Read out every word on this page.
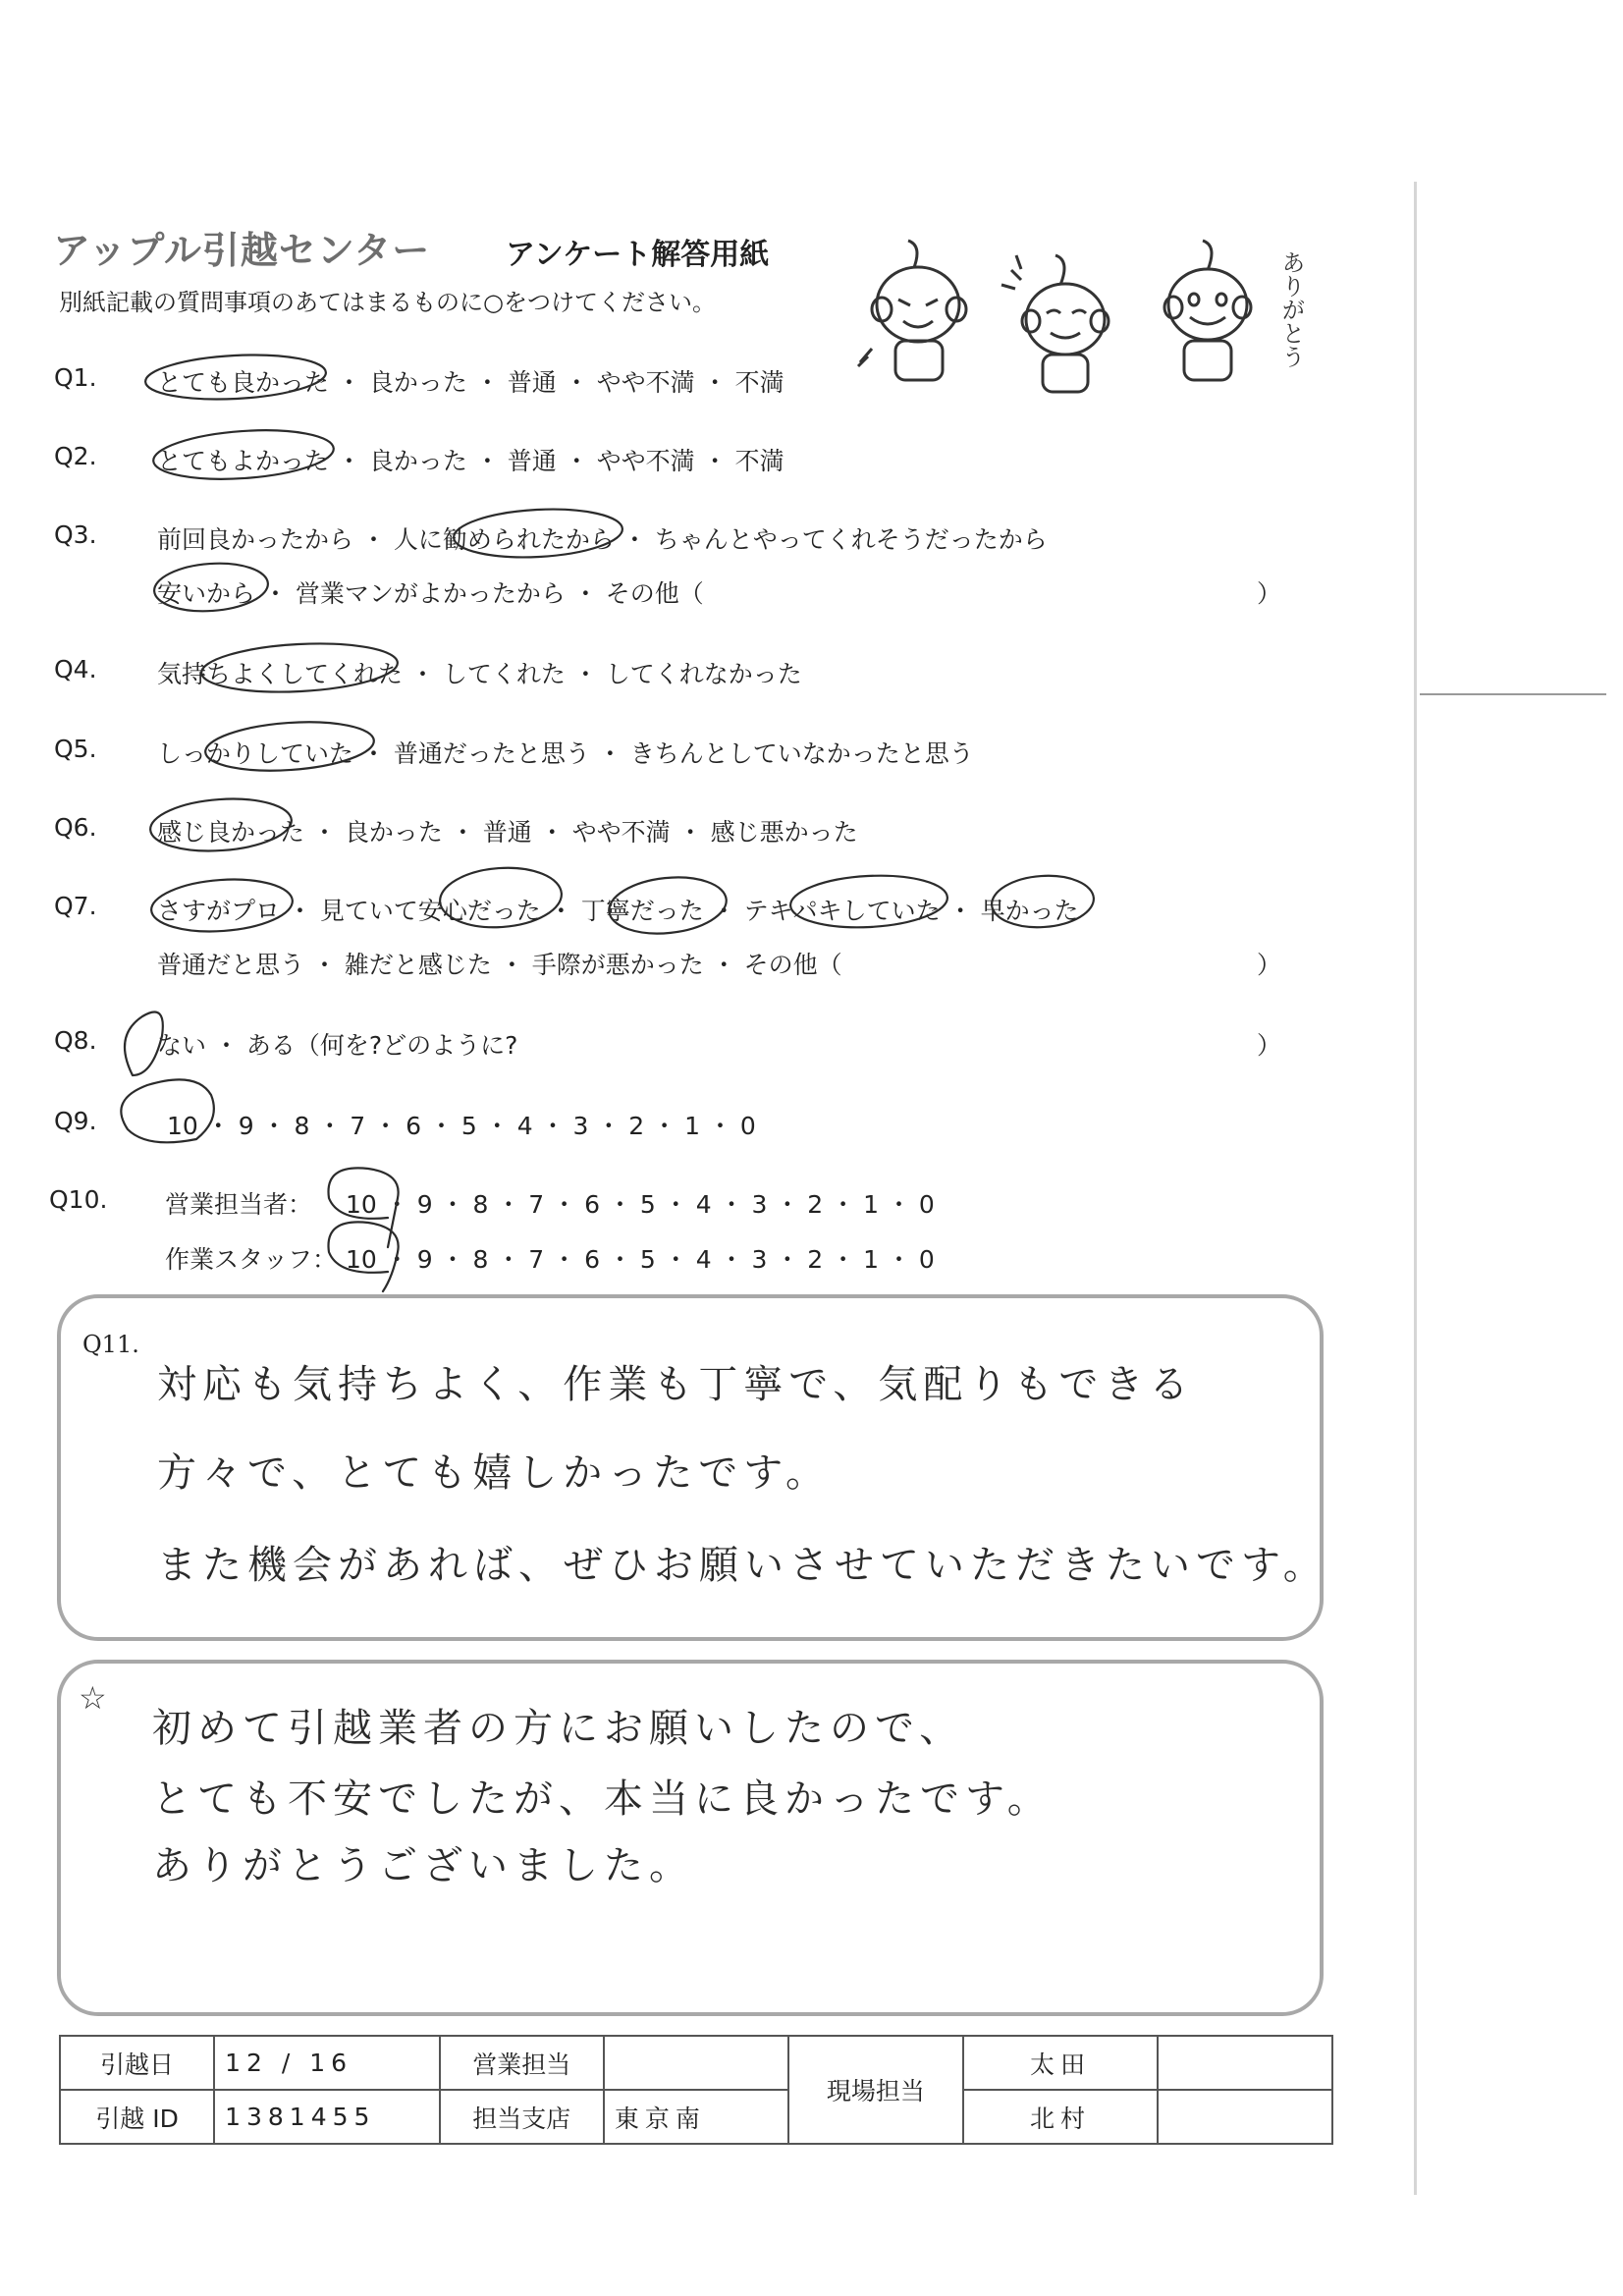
アップル引越センター	アンケート解答用紙
別紙記載の質問事項のあてはまるものに○をつけてください。	ありがとう
Q1. とても良かった ・ 良かった ・ 普通 ・ やや不満 ・ 不満
Q2. とてもよかった ・ 良かった ・ 普通 ・ やや不満 ・ 不満
Q3. 前回良かったから ・ 人に勧められたから ・ ちゃんとやってくれそうだったから
安いから ・ 営業マンがよかったから ・ その他（	）
Q4. 気持ちよくしてくれた ・ してくれた ・ してくれなかった
Q5. しっかりしていた ・ 普通だったと思う ・ きちんとしていなかったと思う
Q6. 感じ良かった ・ 良かった ・ 普通 ・ やや不満 ・ 感じ悪かった
Q7. さすがプロ ・ 見ていて安心だった ・ 丁寧だった ・ テキパキしていた ・ 早かった
普通だと思う ・ 雑だと感じた ・ 手際が悪かった ・ その他（	）
Q8. ない ・ ある（何を?どのように?	）
Q9.	10 ・ 9 ・ 8 ・ 7 ・ 6 ・ 5 ・ 4 ・ 3 ・ 2 ・ 1 ・ 0
Q10. 営業担当者： 10 ・ 9 ・ 8 ・ 7 ・ 6 ・ 5 ・ 4 ・ 3 ・ 2 ・ 1 ・ 0
作業スタッフ： 10 ・ 9 ・ 8 ・ 7 ・ 6 ・ 5 ・ 4 ・ 3 ・ 2 ・ 1 ・ 0
Q11.
対応も気持ちよく、作業も丁寧で、気配りもできる
方々で、とても嬉しかったです。
また機会があれば、ぜひお願いさせていただきたいです。
☆
初めて引越業者の方にお願いしたので、
とても不安でしたが、本当に良かったです。
ありがとうございました。
引越日	12 / 16	営業担当		現場担当	太田	
引越 ID	1381455	担当支店	東京南		北村	
